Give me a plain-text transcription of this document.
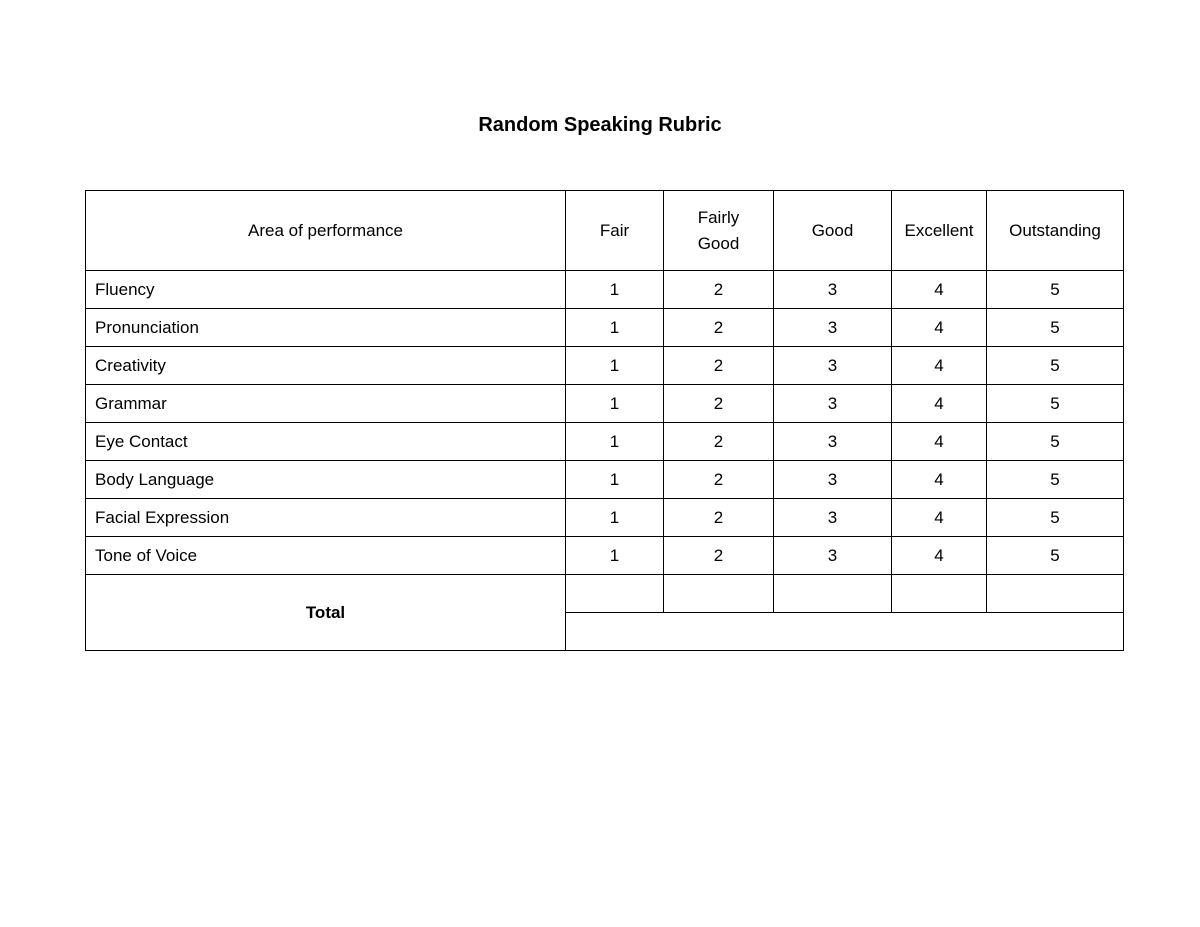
Random Speaking Rubric
Area of performance	Fair	Fairly Good	Good	Excellent	Outstanding
Fluency	1	2	3	4	5
Pronunciation	1	2	3	4	5
Creativity	1	2	3	4	5
Grammar	1	2	3	4	5
Eye Contact	1	2	3	4	5
Body Language	1	2	3	4	5
Facial Expression	1	2	3	4	5
Tone of Voice	1	2	3	4	5
Total					
